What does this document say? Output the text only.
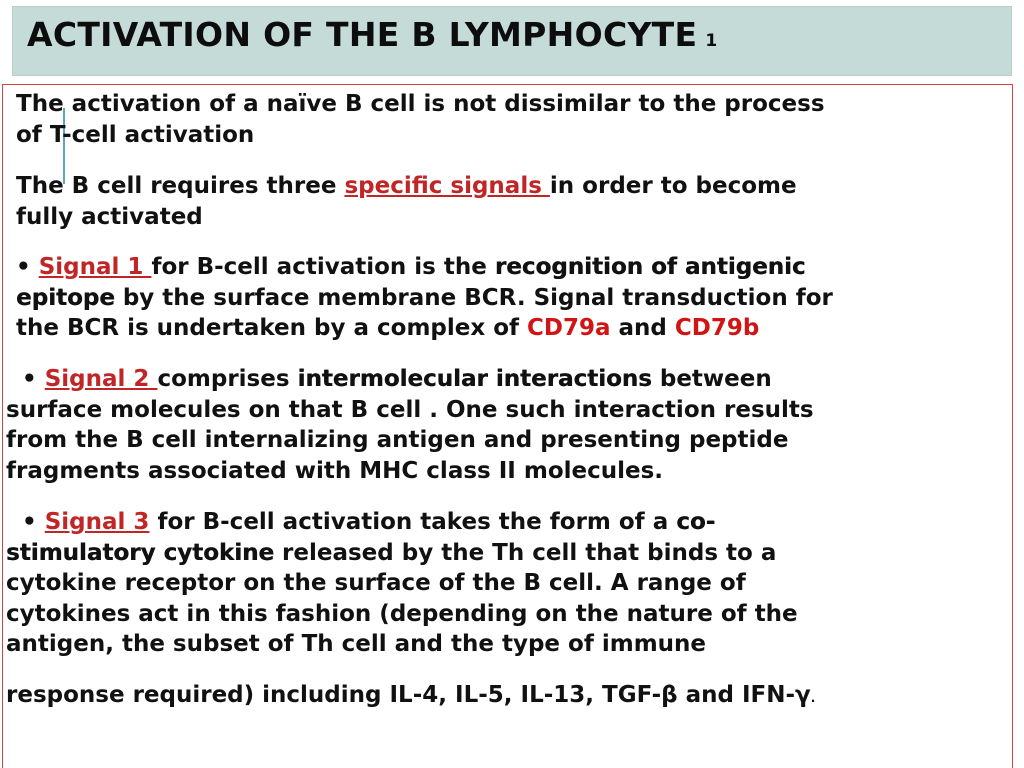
ACTIVATION OF THE B LYMPHOCYTE 1
The activation of a naïve B cell is not dissimilar to the process
of T-cell activation
The B cell requires three specific signals in order to become
fully activated
• Signal 1 for B-cell activation is the recognition of antigenic
epitope by the surface membrane BCR. Signal transduction for
the BCR is undertaken by a complex of CD79a and CD79b
• Signal 2 comprises intermolecular interactions between
surface molecules on that B cell . One such interaction results
from the B cell internalizing antigen and presenting peptide
fragments associated with MHC class II molecules.
• Signal 3 for B-cell activation takes the form of a co-
stimulatory cytokine released by the Th cell that binds to a
cytokine receptor on the surface of the B cell. A range of
cytokines act in this fashion (depending on the nature of the
antigen, the subset of Th cell and the type of immune
response required) including IL-4, IL-5, IL-13, TGF-β and IFN-γ.
